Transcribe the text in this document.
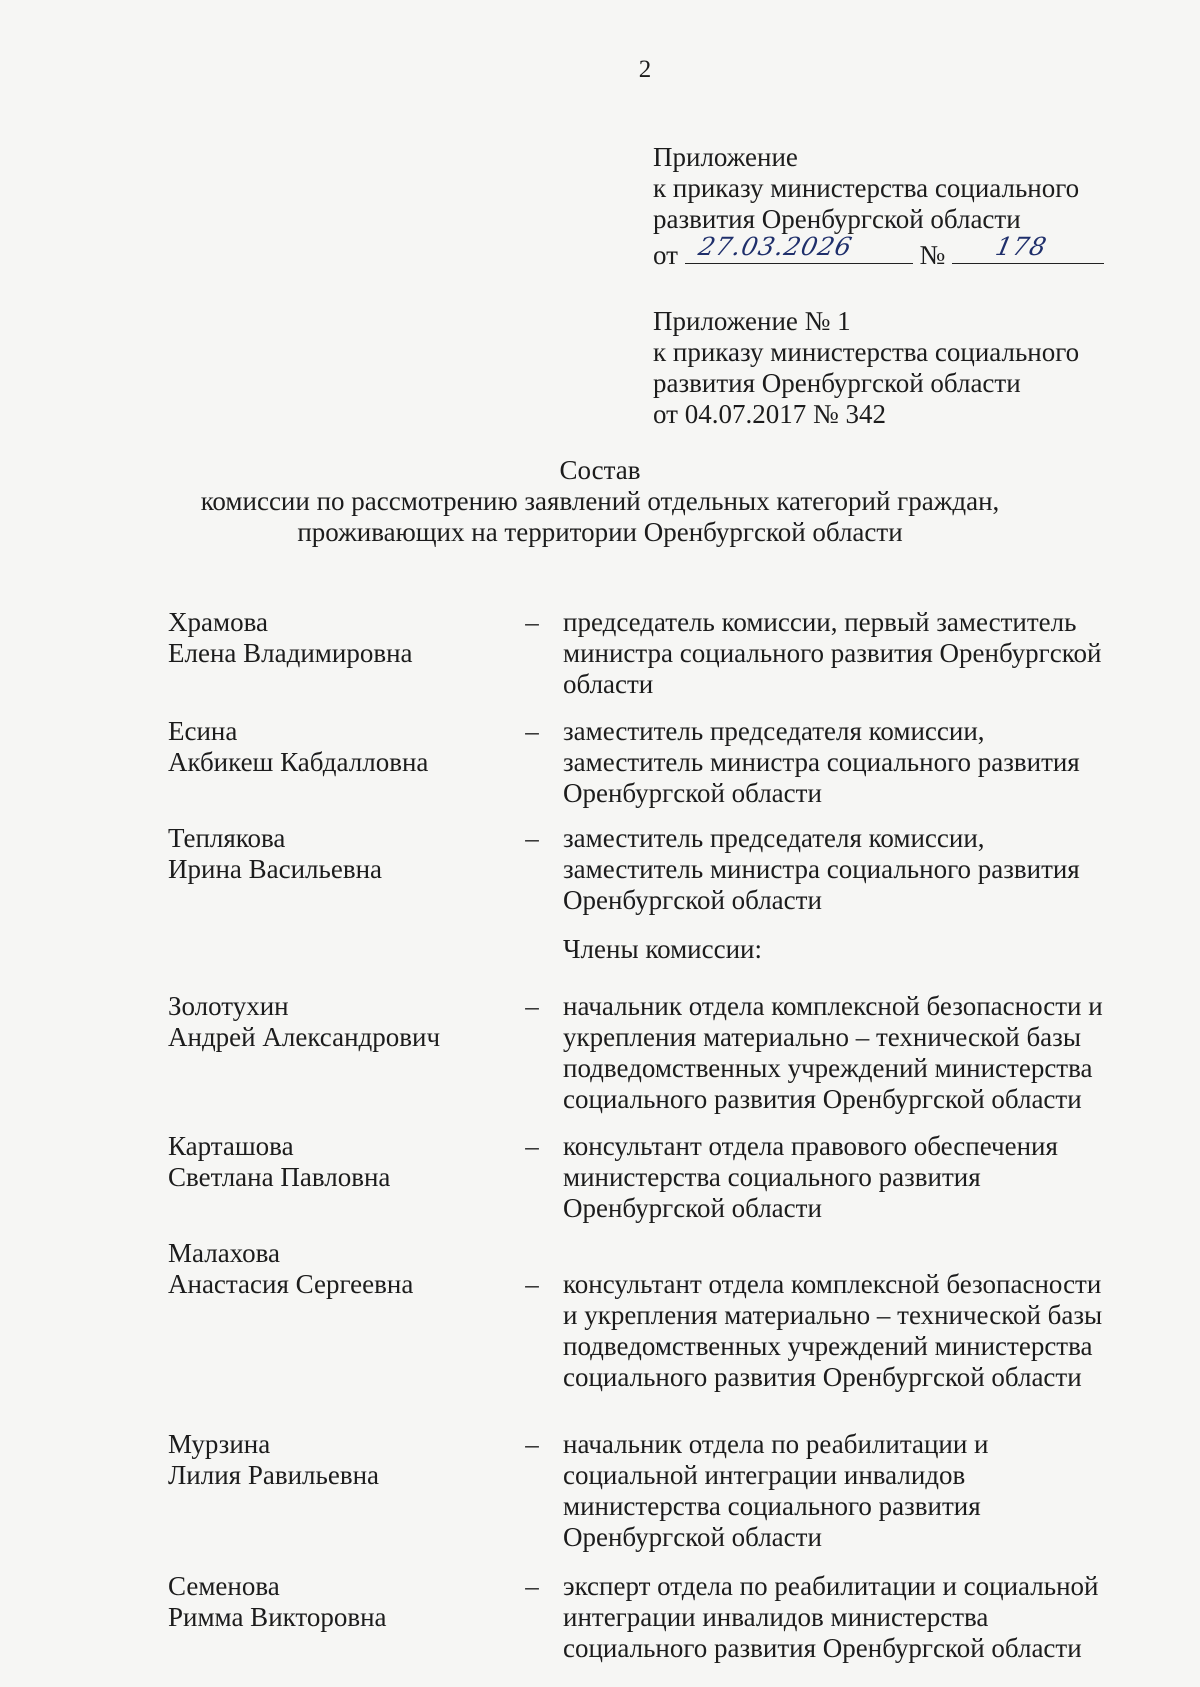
2
Приложение
к приказу министерства социального
развития Оренбургской области
от 27.03.2026 № 178
Приложение № 1
к приказу министерства социального
развития Оренбургской области
от 04.07.2017 № 342
Состав
комиссии по рассмотрению заявлений отдельных категорий граждан,
проживающих на территории Оренбургской области
Храмова
Елена Владимировна
– председатель комиссии, первый заместитель
министра социального развития Оренбургской
области
Есина
Акбикеш Кабдалловна
– заместитель председателя комиссии,
заместитель министра социального развития
Оренбургской области
Теплякова
Ирина Васильевна
– заместитель председателя комиссии,
заместитель министра социального развития
Оренбургской области
Члены комиссии:
Золотухин
Андрей Александрович
– начальник отдела комплексной безопасности и
укрепления материально – технической базы
подведомственных учреждений министерства
социального развития Оренбургской области
Карташова
Светлана Павловна
– консультант отдела правового обеспечения
министерства социального развития
Оренбургской области
Малахова
Анастасия Сергеевна	– консультант отдела комплексной безопасности
и укрепления материально – технической базы
подведомственных учреждений министерства
социального развития Оренбургской области
Мурзина
Лилия Равильевна
– начальник отдела по реабилитации и
социальной интеграции инвалидов
министерства социального развития
Оренбургской области
Семенова
Римма Викторовна
– эксперт отдела по реабилитации и социальной
интеграции инвалидов министерства
социального развития Оренбургской области
